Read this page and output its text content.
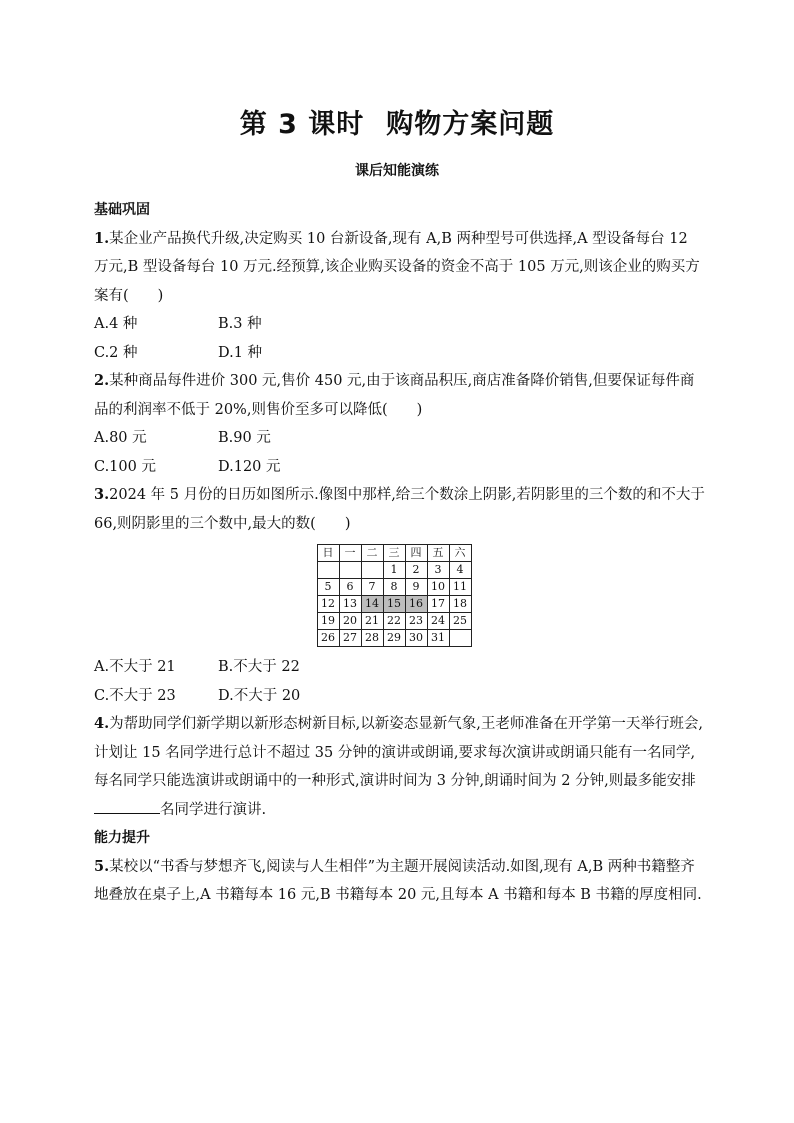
第 3 课时 购物方案问题
课后知能演练
基础巩固
1.某企业产品换代升级,决定购买 10 台新设备,现有 A,B 两种型号可供选择,A 型设备每台 12 万元,B 型设备每台 10 万元.经预算,该企业购买设备的资金不高于 105 万元,则该企业的购买方案有(　　)
A.4 种	B.3 种
C.2 种	D.1 种
2.某种商品每件进价 300 元,售价 450 元,由于该商品积压,商店准备降价销售,但要保证每件商品的利润率不低于 20%,则售价至多可以降低(　　)
A.80 元	B.90 元
C.100 元	D.120 元
3.2024 年 5 月份的日历如图所示.像图中那样,给三个数涂上阴影,若阴影里的三个数的和不大于 66,则阴影里的三个数中,最大的数(　　)
日	一	二	三	四	五	六
			1	2	3	4
5	6	7	8	9	10	11
12	13	14	15	16	17	18
19	20	21	22	23	24	25
26	27	28	29	30	31	
A.不大于 21	B.不大于 22
C.不大于 23	D.不大于 20
4.为帮助同学们新学期以新形态树新目标,以新姿态显新气象,王老师准备在开学第一天举行班会,计划让 15 名同学进行总计不超过 35 分钟的演讲或朗诵,要求每次演讲或朗诵只能有一名同学,每名同学只能选演讲或朗诵中的一种形式,演讲时间为 3 分钟,朗诵时间为 2 分钟,则最多能安排名同学进行演讲.
能力提升
5.某校以“书香与梦想齐飞,阅读与人生相伴”为主题开展阅读活动.如图,现有 A,B 两种书籍整齐地叠放在桌子上,A 书籍每本 16 元,B 书籍每本 20 元,且每本 A 书籍和每本 B 书籍的厚度相同.
